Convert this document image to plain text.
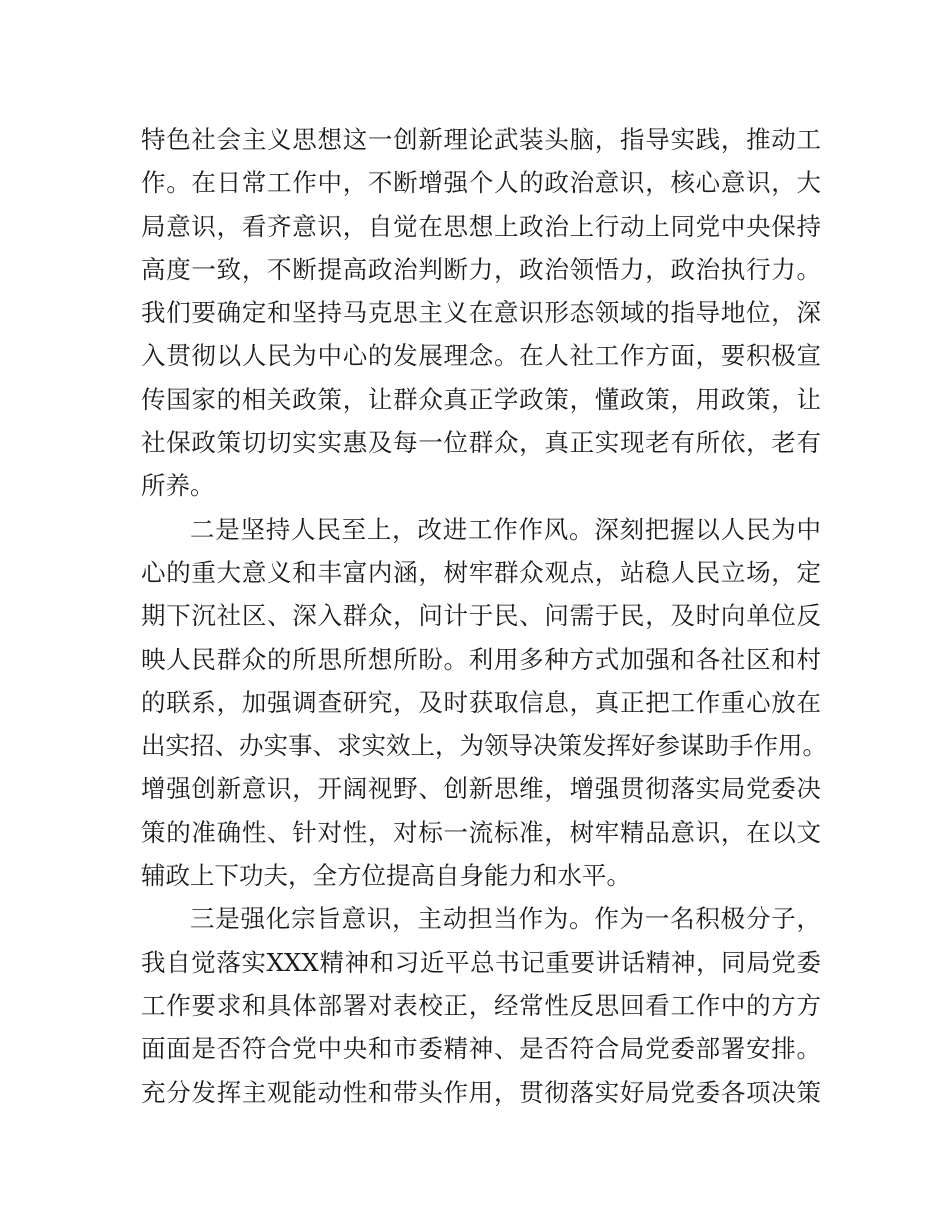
特色社会主义思想这一创新理论武装头脑，指导实践，推动工
作。在日常工作中，不断增强个人的政治意识，核心意识，大
局意识，看齐意识，自觉在思想上政治上行动上同党中央保持
高度一致，不断提高政治判断力，政治领悟力，政治执行力。
我们要确定和坚持马克思主义在意识形态领域的指导地位，深
入贯彻以人民为中心的发展理念。在人社工作方面，要积极宣
传国家的相关政策，让群众真正学政策，懂政策，用政策，让
社保政策切切实实惠及每一位群众，真正实现老有所依，老有
所养。
二是坚持人民至上，改进工作作风。深刻把握以人民为中
心的重大意义和丰富内涵，树牢群众观点，站稳人民立场，定
期下沉社区、深入群众，问计于民、问需于民，及时向单位反
映人民群众的所思所想所盼。利用多种方式加强和各社区和村
的联系，加强调查研究，及时获取信息，真正把工作重心放在
出实招、办实事、求实效上，为领导决策发挥好参谋助手作用。
增强创新意识，开阔视野、创新思维，增强贯彻落实局党委决
策的准确性、针对性，对标一流标准，树牢精品意识，在以文
辅政上下功夫，全方位提高自身能力和水平。
三是强化宗旨意识，主动担当作为。作为一名积极分子，
我自觉落实XXX精神和习近平总书记重要讲话精神，同局党委
工作要求和具体部署对表校正，经常性反思回看工作中的方方
面面是否符合党中央和市委精神、是否符合局党委部署安排。
充分发挥主观能动性和带头作用，贯彻落实好局党委各项决策
